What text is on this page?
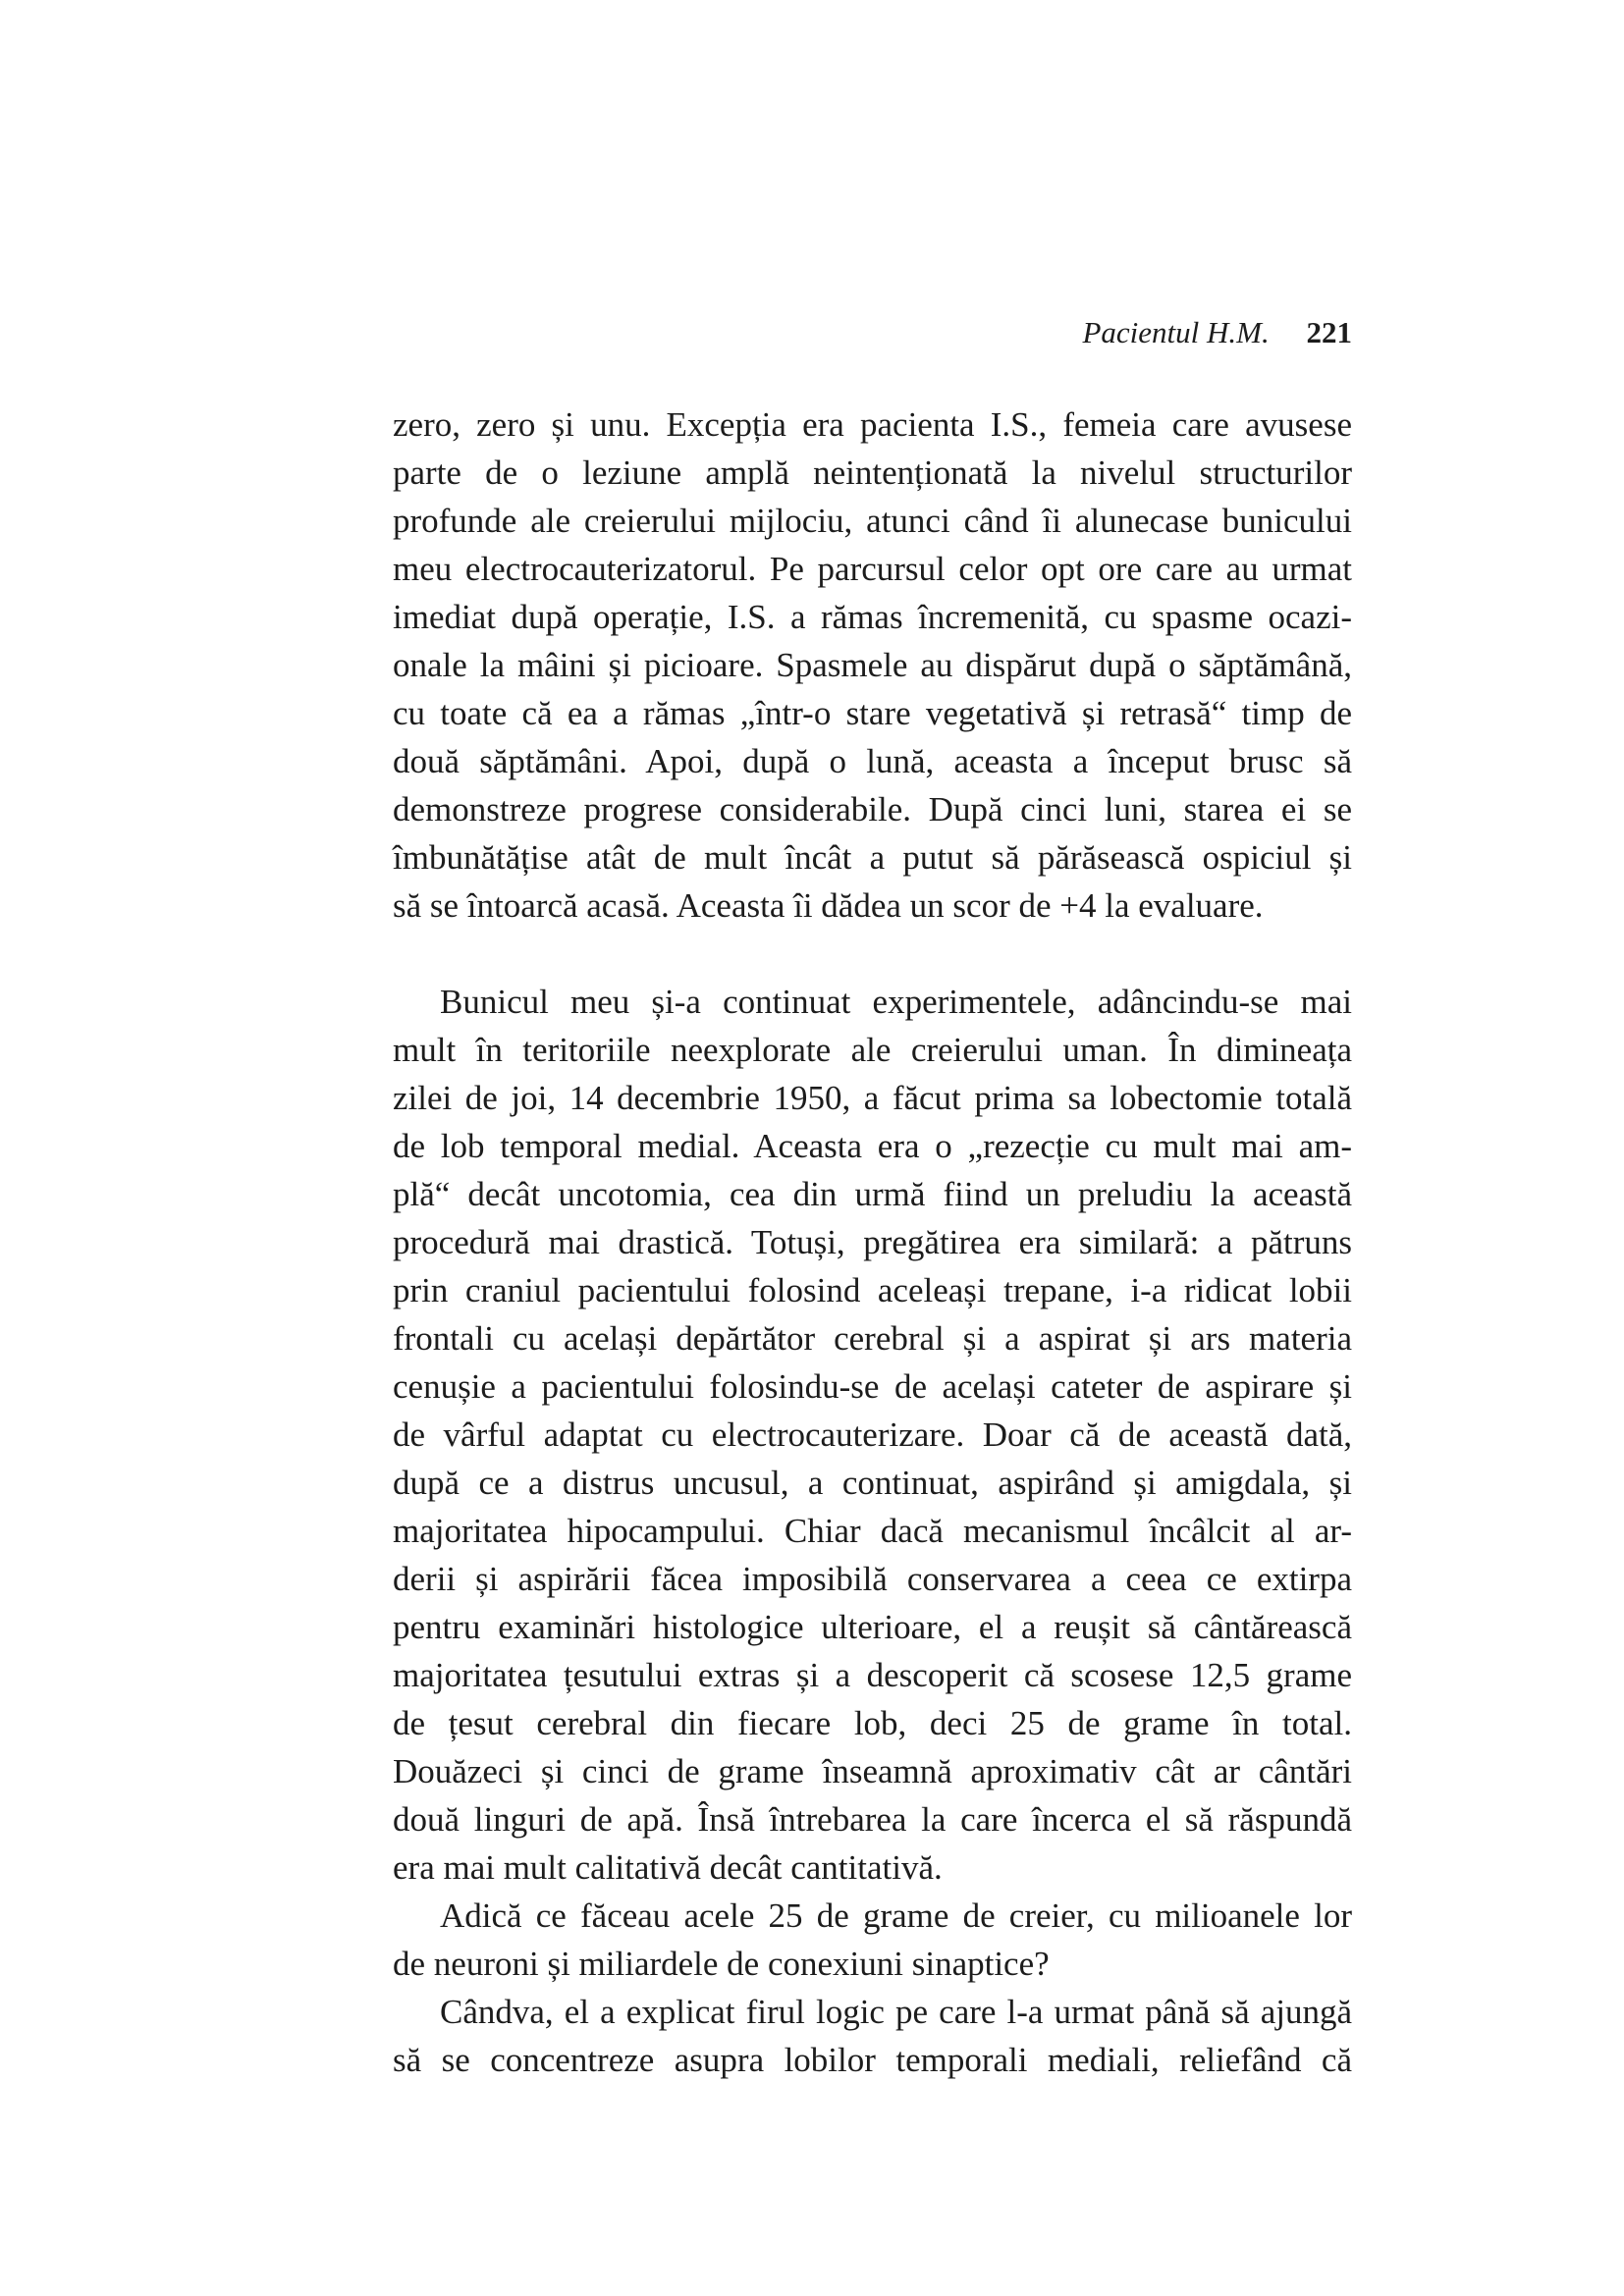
Pacientul H.M. 221
zero, zero și unu. Excepția era pacienta I.S., femeia care avusese
parte de o leziune amplă neintenționată la nivelul structurilor
profunde ale creierului mijlociu, atunci când îi alunecase bunicului
meu electrocauterizatorul. Pe parcursul celor opt ore care au urmat
imediat după operație, I.S. a rămas încremenită, cu spasme ocazi-
onale la mâini și picioare. Spasmele au dispărut după o săptămână,
cu toate că ea a rămas „într-o stare vegetativă și retrasă“ timp de
două săptămâni. Apoi, după o lună, aceasta a început brusc să
demonstreze progrese considerabile. După cinci luni, starea ei se
îmbunătățise atât de mult încât a putut să părăsească ospiciul și
să se întoarcă acasă. Aceasta îi dădea un scor de +4 la evaluare.
Bunicul meu și-a continuat experimentele, adâncindu-se mai
mult în teritoriile neexplorate ale creierului uman. În dimineața
zilei de joi, 14 decembrie 1950, a făcut prima sa lobectomie totală
de lob temporal medial. Aceasta era o „rezecție cu mult mai am-
plă“ decât uncotomia, cea din urmă fiind un preludiu la această
procedură mai drastică. Totuși, pregătirea era similară: a pătruns
prin craniul pacientului folosind aceleași trepane, i-a ridicat lobii
frontali cu același depărtător cerebral și a aspirat și ars materia
cenușie a pacientului folosindu-se de același cateter de aspirare și
de vârful adaptat cu electrocauterizare. Doar că de această dată,
după ce a distrus uncusul, a continuat, aspirând și amigdala, și
majoritatea hipocampului. Chiar dacă mecanismul încâlcit al ar-
derii și aspirării făcea imposibilă conservarea a ceea ce extirpa
pentru examinări histologice ulterioare, el a reușit să cântărească
majoritatea țesutului extras și a descoperit că scosese 12,5 grame
de țesut cerebral din fiecare lob, deci 25 de grame în total.
Douăzeci și cinci de grame înseamnă aproximativ cât ar cântări
două linguri de apă. Însă întrebarea la care încerca el să răspundă
era mai mult calitativă decât cantitativă.
Adică ce făceau acele 25 de grame de creier, cu milioanele lor
de neuroni și miliardele de conexiuni sinaptice?
Cândva, el a explicat firul logic pe care l-a urmat până să ajungă
să se concentreze asupra lobilor temporali mediali, reliefând că
